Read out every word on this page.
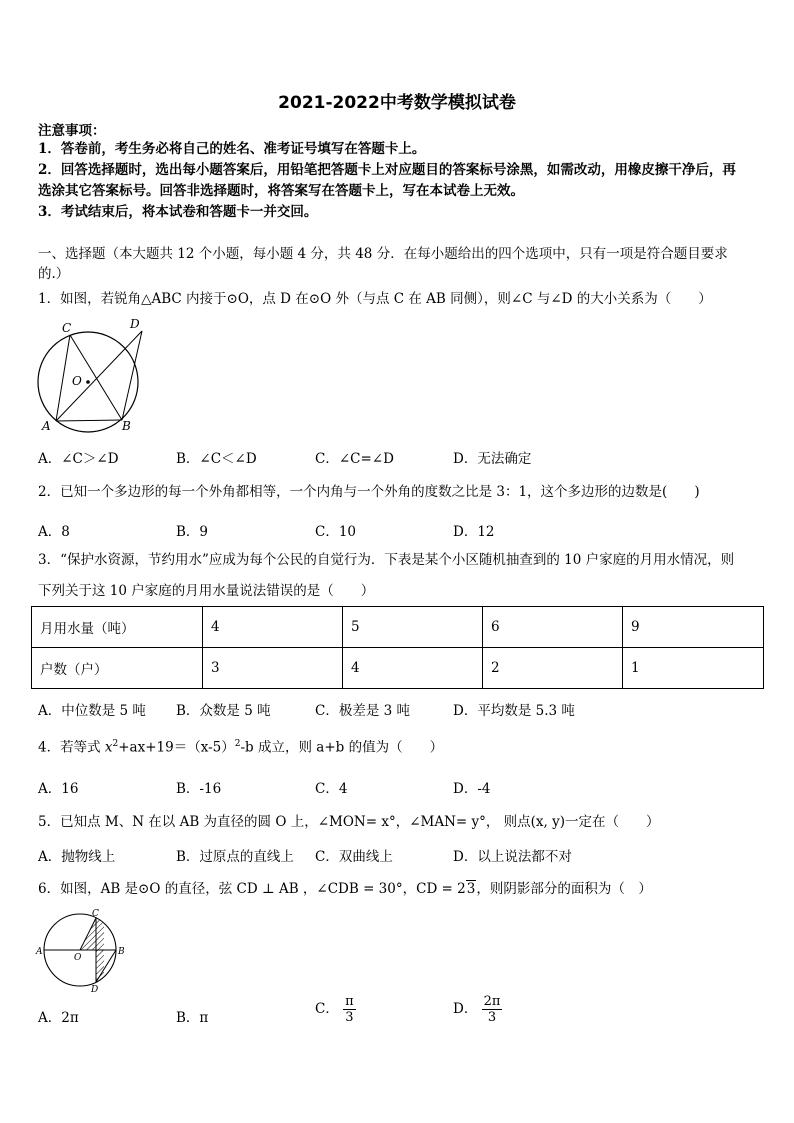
2021-2022中考数学模拟试卷
注意事项：
1．答卷前，考生务必将自己的姓名、准考证号填写在答题卡上。
2．回答选择题时，选出每小题答案后，用铅笔把答题卡上对应题目的答案标号涂黑，如需改动，用橡皮擦干净后，再
选涂其它答案标号。回答非选择题时，将答案写在答题卡上，写在本试卷上无效。
3．考试结束后，将本试卷和答题卡一并交回。
一、选择题（本大题共 12 个小题，每小题 4 分，共 48 分．在每小题给出的四个选项中，只有一项是符合题目要求
的.）
1．如图，若锐角△ABC 内接于⊙O，点 D 在⊙O 外（与点 C 在 AB 同侧），则∠C 与∠D 的大小关系为（　　）
C	D
O
A	B
A．∠C＞∠D	B．∠C＜∠D	C．∠C=∠D	D．无法确定
2．已知一个多边形的每一个外角都相等，一个内角与一个外角的度数之比是 3：1，这个多边形的边数是(　　)
A．8	B．9	C．10	D．12
3．“保护水资源，节约用水”应成为每个公民的自觉行为．下表是某个小区随机抽查到的 10 户家庭的月用水情况，则
下列关于这 10 户家庭的月用水量说法错误的是（　　）
月用水量（吨）	4	5	6	9
户数（户）	3	4	2	1
A．中位数是 5 吨 B．众数是 5 吨	C．极差是 3 吨	D．平均数是 5.3 吨
4．若等式 $x^2+ax+19=(x-5)^2-b$ 成立，则 a+b 的值为（　　）
A．16	B．-16	C．4	D．-4
5．已知点 M、N 在以 AB 为直径的圆 O 上，∠MON= x°，∠MAN= y°， 则点(x, y)一定在（　　）
A．抛物线上	B．过原点的直线上 C．双曲线上	D．以上说法都不对
6．如图，AB 是⊙O 的直径，弦 CD ⊥ AB ，∠CDB = 30°，CD = 23，则阴影部分的面积为（　）
A	B
C
D
O
A．2π	B．π
C． $\frac{\pi}{3}$	D． $\frac{2\pi}{3}$
